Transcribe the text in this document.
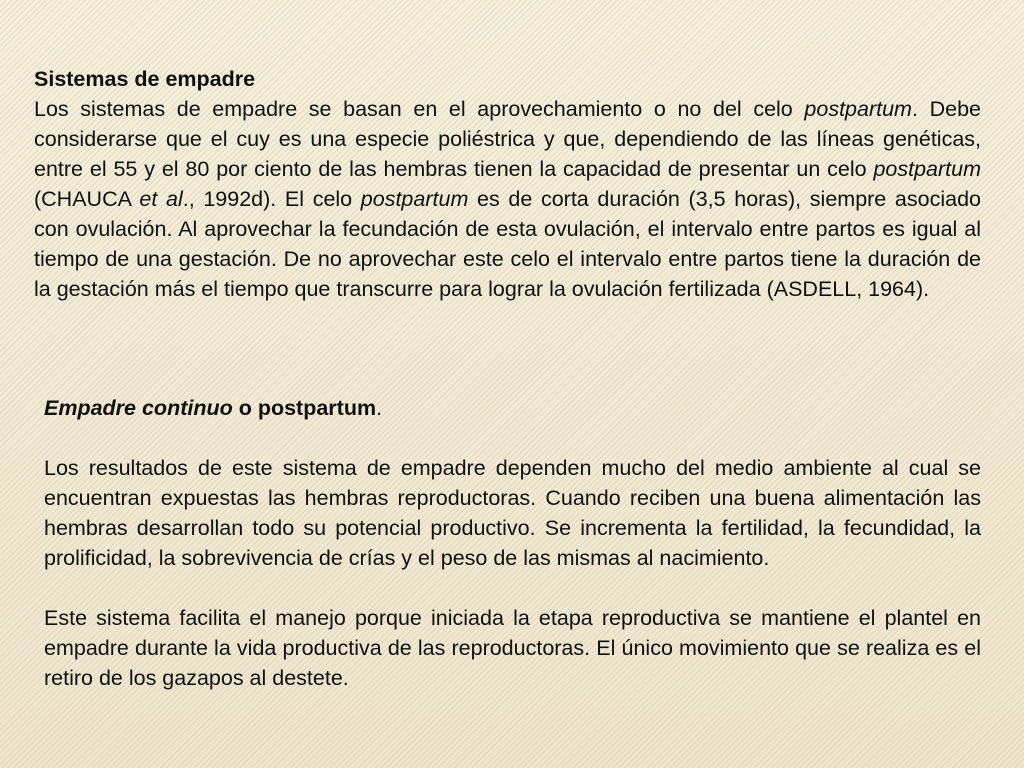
Sistemas de empadre

Los sistemas de empadre se basan en el aprovechamiento o no del celo postpartum. Debe considerarse que el cuy es una especie poliéstrica y que, dependiendo de las líneas genéticas, entre el 55 y el 80 por ciento de las hembras tienen la capacidad de presentar un celo postpartum (CHAUCA et al., 1992d). El celo postpartum es de corta duración (3,5 horas), siempre asociado con ovulación. Al aprovechar la fecundación de esta ovulación, el intervalo entre partos es igual al tiempo de una gestación. De no aprovechar este celo el intervalo entre partos tiene la duración de la gestación más el tiempo que transcurre para lograr la ovulación fertilizada (ASDELL, 1964).

Empadre continuo o postpartum.

Los resultados de este sistema de empadre dependen mucho del medio ambiente al cual se encuentran expuestas las hembras reproductoras. Cuando reciben una buena alimentación las hembras desarrollan todo su potencial productivo. Se incrementa la fertilidad, la fecundidad, la prolificidad, la sobrevivencia de crías y el peso de las mismas al nacimiento.

Este sistema facilita el manejo porque iniciada la etapa reproductiva se mantiene el plantel en empadre durante la vida productiva de las reproductoras. El único movimiento que se realiza es el retiro de los gazapos al destete.
